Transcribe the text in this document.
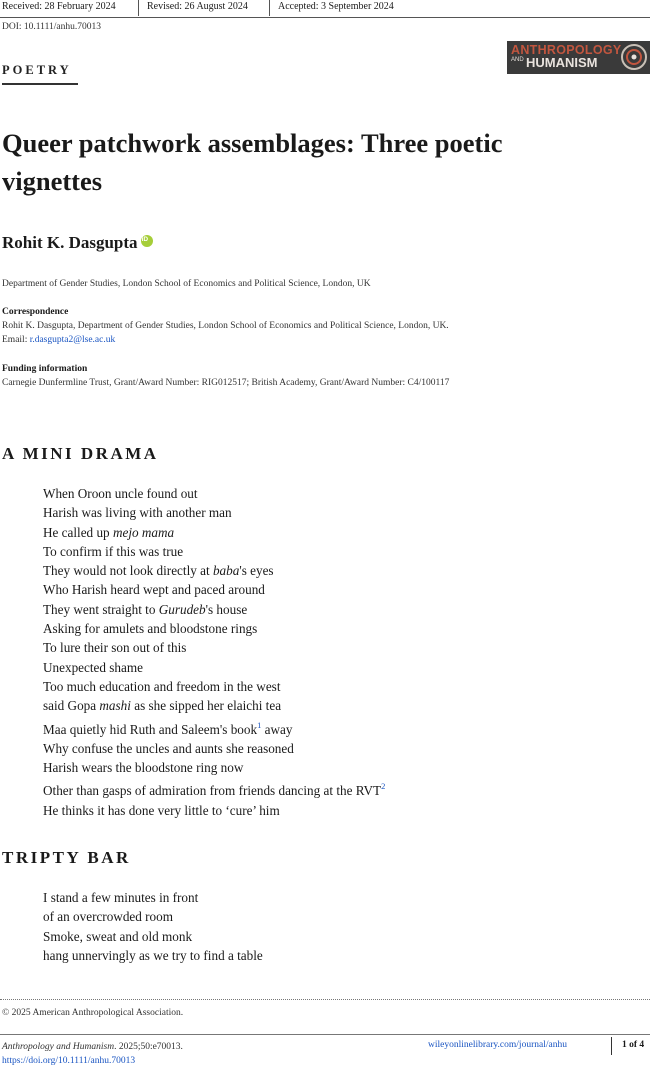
Received: 28 February 2024	Revised: 26 August 2024	Accepted: 3 September 2024
DOI: 10.1111/anhu.70013
POETRY
ANTHROPOLOGY
AND HUMANISM
Queer patchwork assemblages: Three poetic vignettes
Rohit K. DasguptaiD
Department of Gender Studies, London School of Economics and Political Science, London, UK
Correspondence
Rohit K. Dasgupta, Department of Gender Studies, London School of Economics and Political Science, London, UK.
Email: r.dasgupta2@lse.ac.uk
Funding information
Carnegie Dunfermline Trust, Grant/Award Number: RIG012517; British Academy, Grant/Award Number: C4/100117
A MINI DRAMA
When Oroon uncle found out
Harish was living with another man
He called up mejo mama
To confirm if this was true
They would not look directly at baba's eyes
Who Harish heard wept and paced around
They went straight to Gurudeb's house
Asking for amulets and bloodstone rings
To lure their son out of this
Unexpected shame
Too much education and freedom in the west
said Gopa mashi as she sipped her elaichi tea
Maa quietly hid Ruth and Saleem's book$^1$ away
Why confuse the uncles and aunts she reasoned
Harish wears the bloodstone ring now
Other than gasps of admiration from friends dancing at the RVT$^2$
He thinks it has done very little to ‘cure’ him
TRIPTY BAR
I stand a few minutes in front
of an overcrowded room
Smoke, sweat and old monk
hang unnervingly as we try to find a table
© 2025 American Anthropological Association.
Anthropology and Humanism. 2025;50:e70013.
https://doi.org/10.1111/anhu.70013
wileyonlinelibrary.com/journal/anhu	1 of 4
